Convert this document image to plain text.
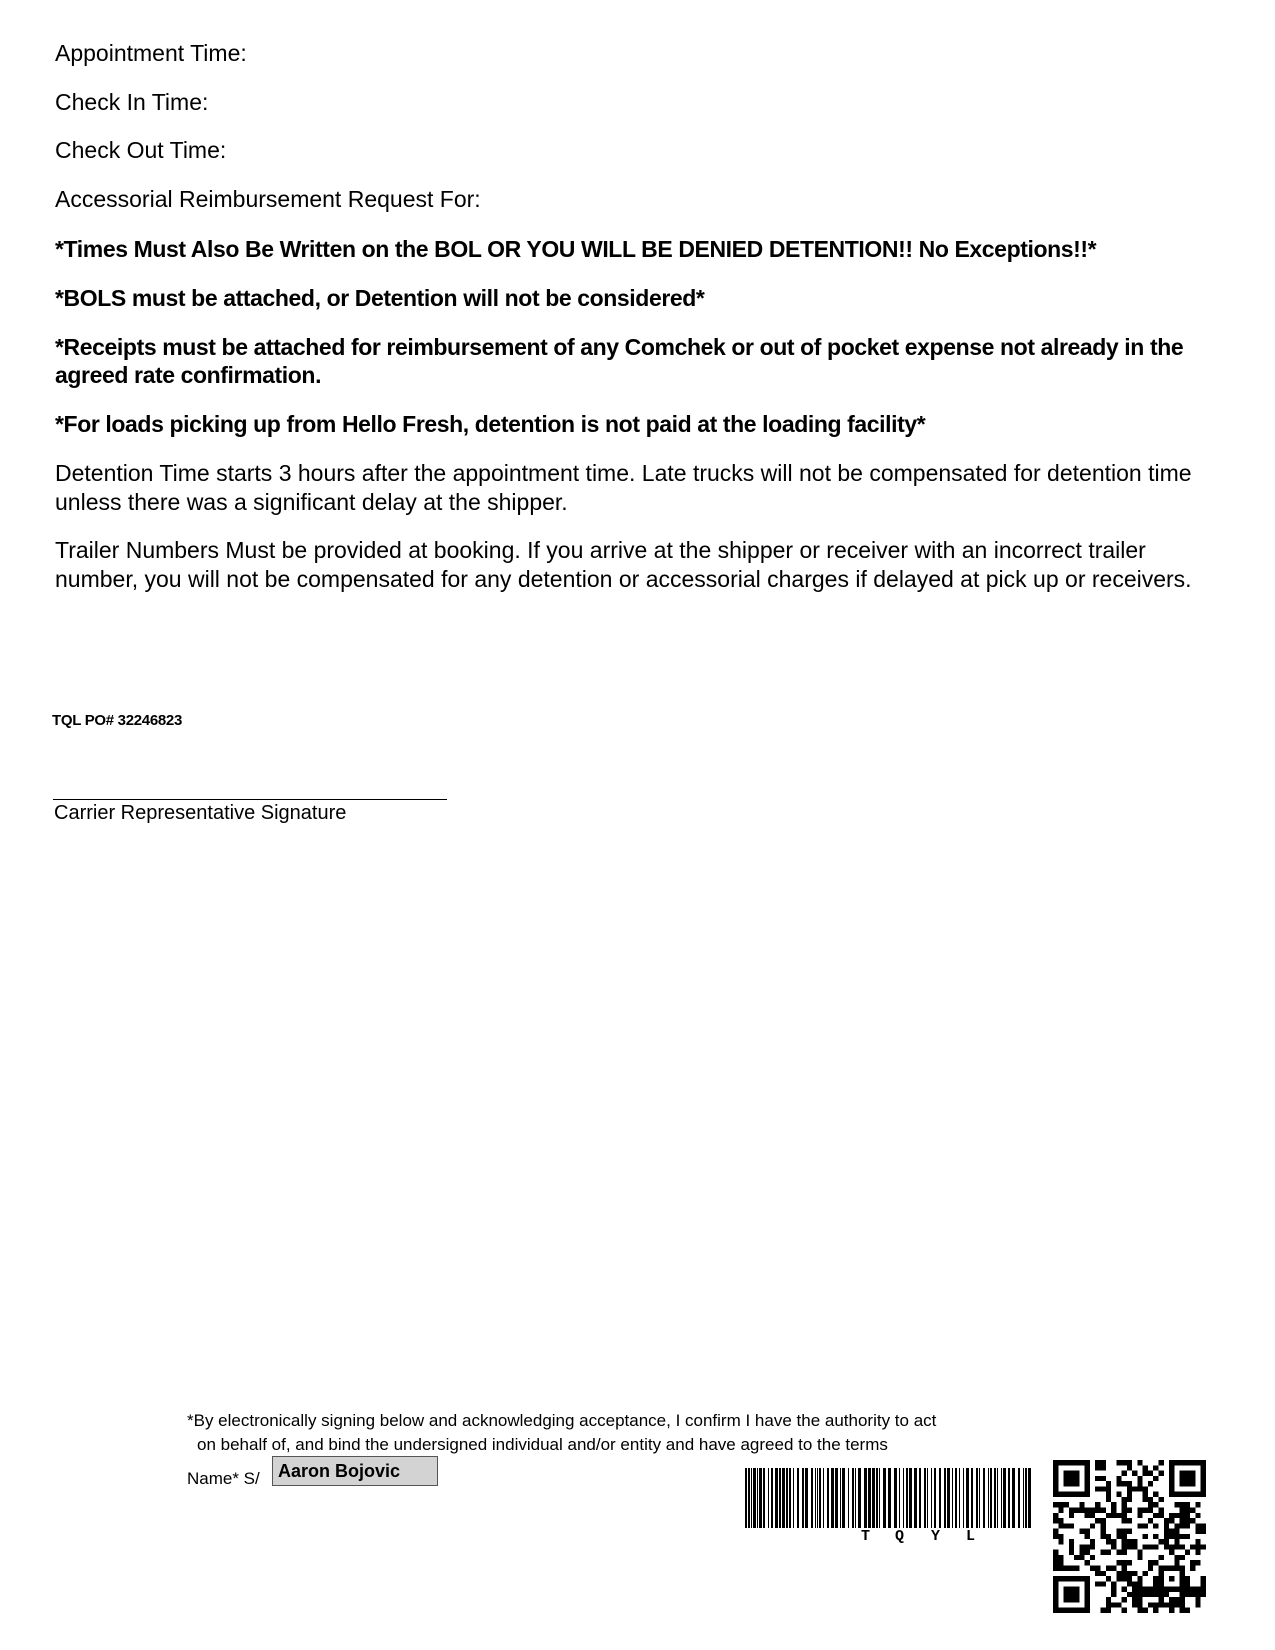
Appointment Time:
Check In Time:
Check Out Time:
Accessorial Reimbursement Request For:
*Times Must Also Be Written on the BOL OR YOU WILL BE DENIED DETENTION!! No Exceptions!!*
*BOLS must be attached, or Detention will not be considered*
*Receipts must be attached for reimbursement of any Comchek or out of pocket expense not already in the agreed rate confirmation.
*For loads picking up from Hello Fresh, detention is not paid at the loading facility*
Detention Time starts 3 hours after the appointment time. Late trucks will not be compensated for detention time unless there was a significant delay at the shipper.
Trailer Numbers Must be provided at booking. If you arrive at the shipper or receiver with an incorrect trailer number, you will not be compensated for any detention or accessorial charges if delayed at pick up or receivers.
TQL PO# 32246823
Carrier Representative Signature
*By electronically signing below and acknowledging acceptance, I confirm I have the authority to act
on behalf of, and bind the undersigned individual and/or entity and have agreed to the terms
Name* S/	Aaron Bojovic
T Q Y L
